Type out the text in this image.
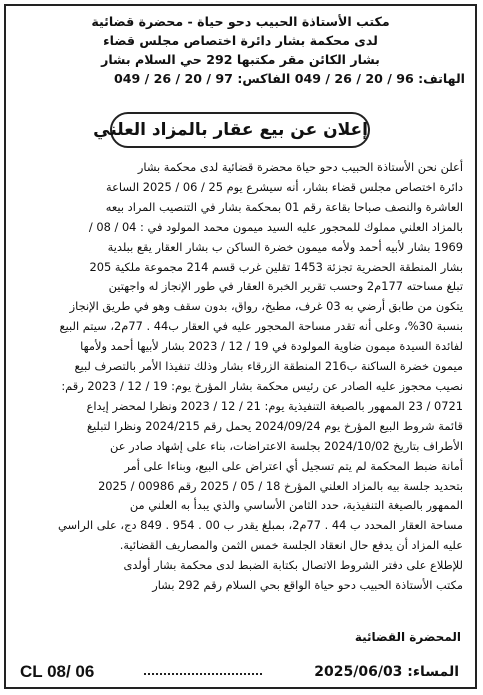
مكتب الأستاذة الحبيب دحو حياة - محضرة قضائية
لدى محكمة بشار دائرة اختصاص مجلس قضاء
بشار الكائن مقر مكتبها 292 حي السلام بشار
الهاتف: 96 / 20 / 26 / 049 الفاكس: 97 / 20 / 26 / 049
إعلان عن بيع عقار بالمزاد العلني
أعلن نحن الأستاذة الحبيب دحو حياة محضرة قضائية لدى محكمة بشار
دائرة اختصاص مجلس قضاء بشار، أنه سيشرع يوم 25 / 06 / 2025 الساعة
العاشرة والنصف صباحا بقاعة رقم 01 بمحكمة بشار في التنصيب المراد بيعه
بالمزاد العلني مملوك للمحجور عليه السيد ميمون محمد المولود في : 04 / 08 /
1969 بشار لأبيه أحمد ولأمه ميمون خضرة الساكن ب بشار العقار يقع ببلدية
بشار المنطقة الحضرية تجزئة 1453 تقلين غرب قسم 214 مجموعة ملكية 205
تبلغ مساحته 177م2 وحسب تقرير الخبرة العقار في طور الإنجاز له واجهتين
يتكون من طابق أرضي به 03 غرف، مطبخ، رواق، بدون سقف وهو في طريق الإنجاز
بنسبة 30%، وعلى أنه تقدر مساحة المحجور عليه في العقار ب44 . 77م2، سيتم البيع
لفائدة السيدة ميمون ضاوية المولودة في 19 / 12 / 2023 بشار لأبيها أحمد ولأمها
ميمون خضرة الساكنة ب216 المنطقة الزرقاء بشار وذلك تنفيذا الأمر بالتصرف لبيع
نصيب محجوز عليه الصادر عن رئيس محكمة بشار المؤرخ يوم: 19 / 12 / 2023 رقم:
0721 / 23 الممهور بالصيغة التنفيذية يوم: 21 / 12 / 2023 ونظرا لمحضر إيداع
قائمة شروط البيع المؤرخ يوم 2024/09/24 يحمل رقم 2024/215 ونظرا لتبليغ
الأطراف بتاريخ 2024/10/02 بجلسة الاعتراضات، بناء على إشهاد صادر عن
أمانة ضبط المحكمة لم يتم تسجيل أي اعتراض على البيع، وبناءا على أمر
بتحديد جلسة بيه بالمزاد العلني المؤرخ 18 / 05 / 2025 رقم 00986 / 2025
الممهور بالصيغة التنفيذية، حدد الثامن الأساسي والذي يبدأ به العلني من
مساحة العقار المحدد ب 44 . 77م2، بمبلغ يقدر ب 00 . 954 . 849 دج، على الراسي
عليه المزاد أن يدفع حال انعقاد الجلسة خمس الثمن والمصاريف القضائية.
للإطلاع على دفتر الشروط الاتصال بكتابة الضبط لدى محكمة بشار أولدى
مكتب الأستاذة الحبيب دحو حياة الواقع بحي السلام رقم 292 بشار
المحضرة القضائية
المساء: 2025/06/03
CL 08/ 06
